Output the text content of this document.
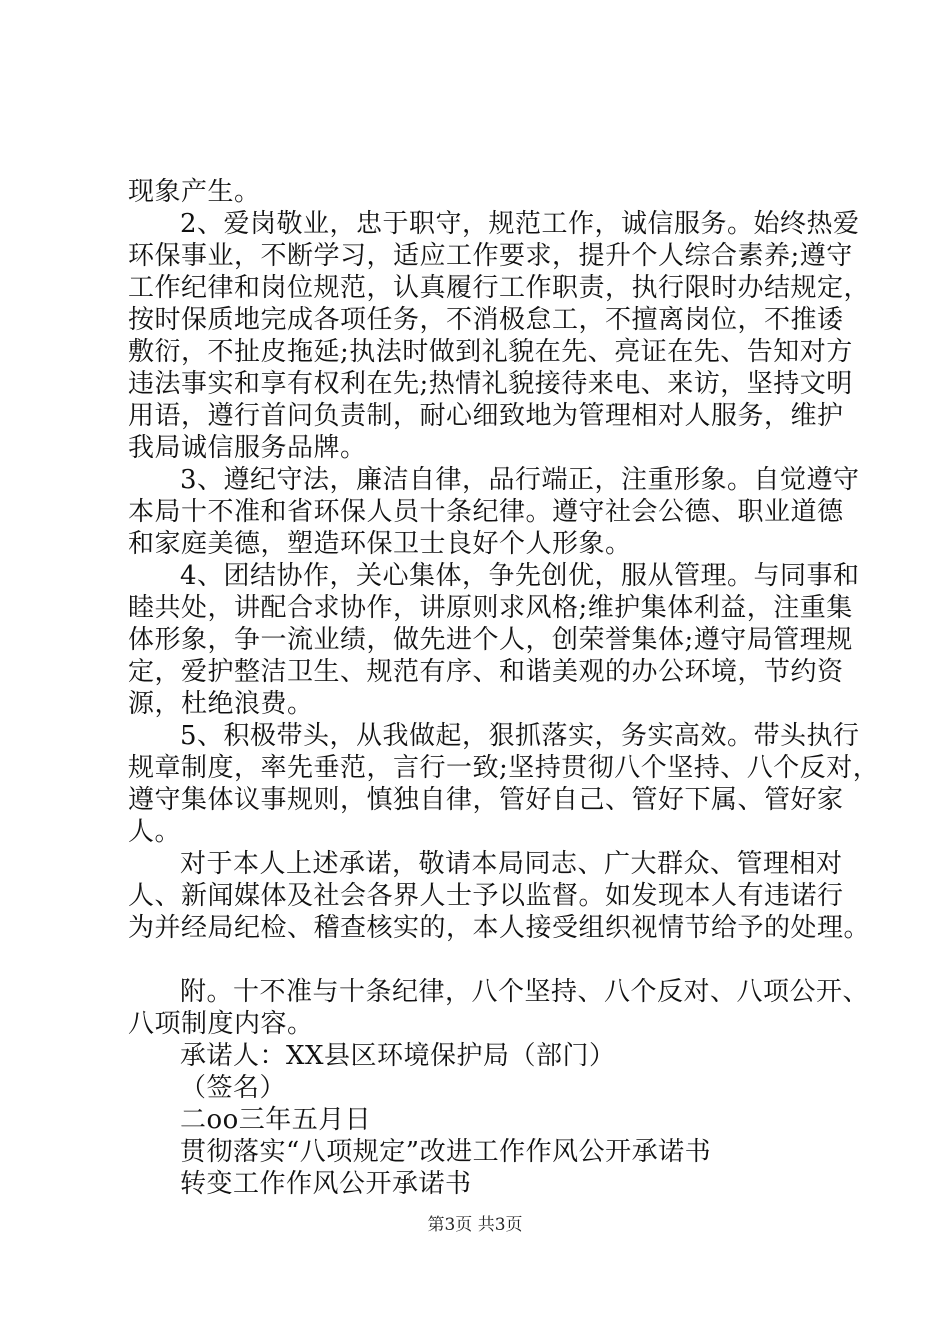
现象产生。
2、爱岗敬业，忠于职守，规范工作，诚信服务。始终热爱
环保事业，不断学习，适应工作要求，提升个人综合素养;遵守
工作纪律和岗位规范，认真履行工作职责，执行限时办结规定，
按时保质地完成各项任务，不消极怠工，不擅离岗位，不推诿
敷衍，不扯皮拖延;执法时做到礼貌在先、亮证在先、告知对方
违法事实和享有权利在先;热情礼貌接待来电、来访，坚持文明
用语，遵行首问负责制，耐心细致地为管理相对人服务，维护
我局诚信服务品牌。
3、遵纪守法，廉洁自律，品行端正，注重形象。自觉遵守
本局十不准和省环保人员十条纪律。遵守社会公德、职业道德
和家庭美德，塑造环保卫士良好个人形象。
4、团结协作，关心集体，争先创优，服从管理。与同事和
睦共处，讲配合求协作，讲原则求风格;维护集体利益，注重集
体形象，争一流业绩，做先进个人，创荣誉集体;遵守局管理规
定，爱护整洁卫生、规范有序、和谐美观的办公环境，节约资
源，杜绝浪费。
5、积极带头，从我做起，狠抓落实，务实高效。带头执行
规章制度，率先垂范，言行一致;坚持贯彻八个坚持、八个反对，
遵守集体议事规则，慎独自律，管好自己、管好下属、管好家
人。
对于本人上述承诺，敬请本局同志、广大群众、管理相对
人、新闻媒体及社会各界人士予以监督。如发现本人有违诺行
为并经局纪检、稽查核实的，本人接受组织视情节给予的处理。
附。十不准与十条纪律，八个坚持、八个反对、八项公开、
八项制度内容。
承诺人：XX县区环境保护局（部门）
（签名）
二oo三年五月日
贯彻落实“八项规定”改进工作作风公开承诺书
转变工作作风公开承诺书
第3页 共3页
